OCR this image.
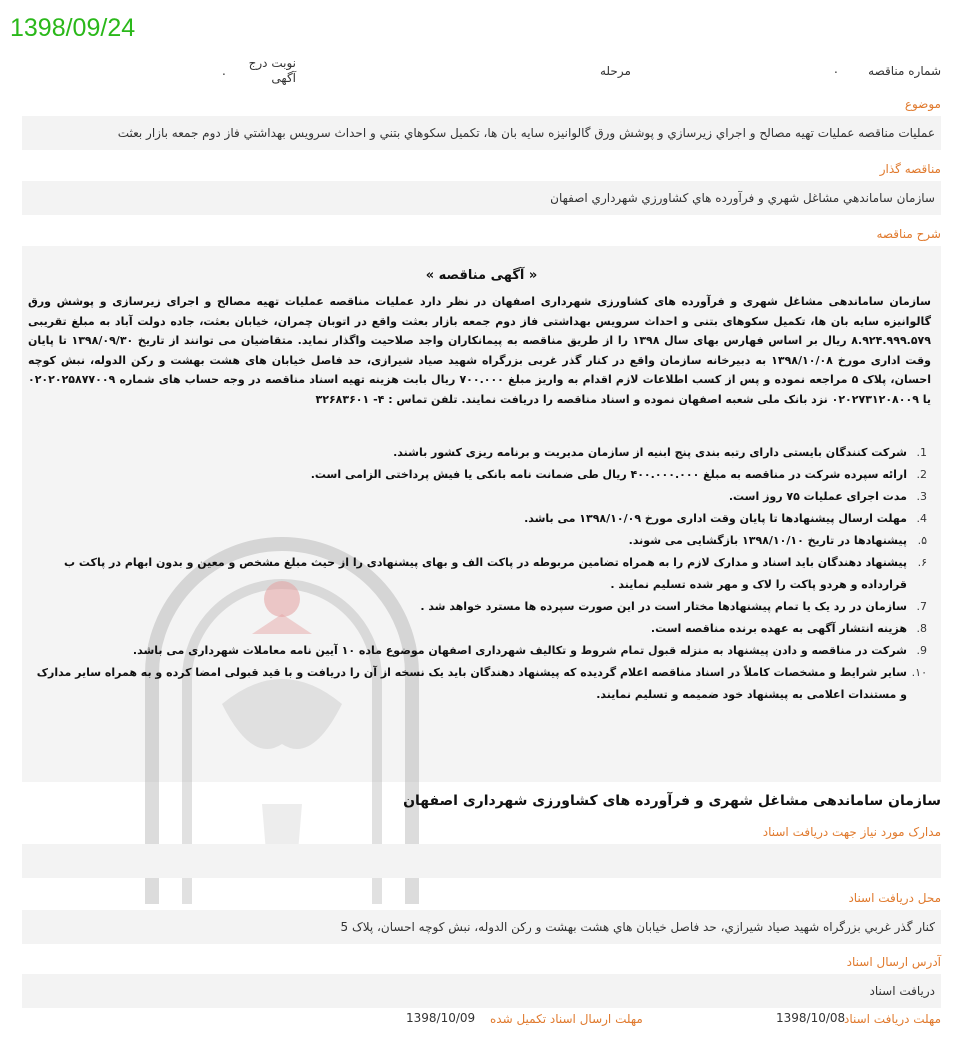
1398/09/24
شماره مناقصه
.
مرحله
نوبت درج آگهی
.
موضوع
عمليات مناقصه عمليات تهيه مصالح و اجراي زيرسازي و پوشش ورق گالوانيزه سايه بان ها، تكميل سكوهاي بتني و احداث سرويس بهداشتي فاز دوم جمعه بازار بعثت
مناقصه گذار
سازمان ساماندهي مشاغل شهري و فرآورده هاي كشاورزي شهرداري اصفهان
شرح مناقصه
« آگهی مناقصه »
سازمان ساماندهی مشاغل شهری و فرآورده های کشاورزی شهرداری اصفهان در نظر دارد عملیات مناقصه عملیات تهیه مصالح و اجرای زیرسازی و پوشش ورق گالوانیزه سایه بان ها، تکمیل سکوهای بتنی و احداث سرویس بهداشتی فاز دوم جمعه بازار بعثت واقع در اتوبان چمران، خیابان بعثت، جاده دولت آباد به مبلغ تقریبی ۸.۹۲۴.۹۹۹.۵۷۹ ریال بر اساس فهارس بهای سال ۱۳۹۸ را از طریق مناقصه به پیمانکاران واجد صلاحیت واگذار نماید. متقاضیان می توانند از تاریخ ۱۳۹۸/۰۹/۳۰ تا پایان وقت اداری مورخ ۱۳۹۸/۱۰/۰۸ به دبیرخانه سازمان واقع در کنار گذر غربی بزرگراه شهید صیاد شیرازی، حد فاصل خیابان های هشت بهشت و رکن الدوله، نبش کوچه احسان، پلاک ۵ مراجعه نموده و پس از کسب اطلاعات لازم اقدام به واریز مبلغ ۷۰۰.۰۰۰ ریال بابت هزینه تهیه اسناد مناقصه در وجه حساب های شماره ۰۲۰۲۰۲۵۸۷۷۰۰۹ یا ۰۲۰۲۷۳۱۲۰۸۰۰۹ نزد بانک ملی شعبه اصفهان نموده و اسناد مناقصه را دریافت نمایند. تلفن تماس : ۴- ۳۲۶۸۳۶۰۱
1.
شرکت کنندگان بایستی دارای رتبه بندی پنج ابنیه از سازمان مدیریت و برنامه ریزی کشور باشند.
2.
ارائه سپرده شرکت در مناقصه به مبلغ ۴۰۰.۰۰۰.۰۰۰ ریال طی ضمانت نامه بانکی یا فیش پرداختی الزامی است.
3.
مدت اجرای عملیات ۷۵ روز است.
4.
مهلت ارسال پیشنهادها تا پایان وقت اداری مورخ ۱۳۹۸/۱۰/۰۹ می باشد.
۵.
پیشنهادها در تاریخ ۱۳۹۸/۱۰/۱۰ بازگشایی می شوند.
۶.
پیشنهاد دهندگان باید اسناد و مدارک لازم را به همراه تضامین مربوطه در پاکت الف و بهای پیشنهادی را از حیث مبلغ مشخص و معین و بدون ابهام در پاکت ب قرارداده و هردو پاکت را لاک و مهر شده تسلیم نمایند .
7.
سازمان در رد یک یا تمام پیشنهادها مختار است در این صورت سپرده ها مسترد خواهد شد .
8.
هزینه انتشار آگهی به عهده برنده مناقصه است.
9.
شرکت در مناقصه و دادن پیشنهاد به منزله قبول تمام شروط و تکالیف شهرداری اصفهان موضوع ماده ۱۰ آیین نامه معاملات شهرداری می باشد.
۱۰.
سایر شرایط و مشخصات کاملاً در اسناد مناقصه اعلام گردیده که پیشنهاد دهندگان باید یک نسخه از آن را دریافت و با قید قبولی امضا کرده و به همراه سایر مدارک و مستندات اعلامی به پیشنهاد خود ضمیمه و تسلیم نمایند.
سازمان ساماندهی مشاغل شهری و فرآورده های کشاورزی شهرداری اصفهان
مدارک مورد نیاز جهت دریافت اسناد
محل دریافت اسناد
كنار گذر غربي بزرگراه شهيد صياد شيرازي، حد فاصل خيابان هاي هشت بهشت و ركن الدوله، نبش كوچه احسان، پلاک 5
آدرس ارسال اسناد
دریافت اسناد
مهلت دریافت اسناد
1398/10/08
مهلت ارسال اسناد تکمیل شده
1398/10/09
